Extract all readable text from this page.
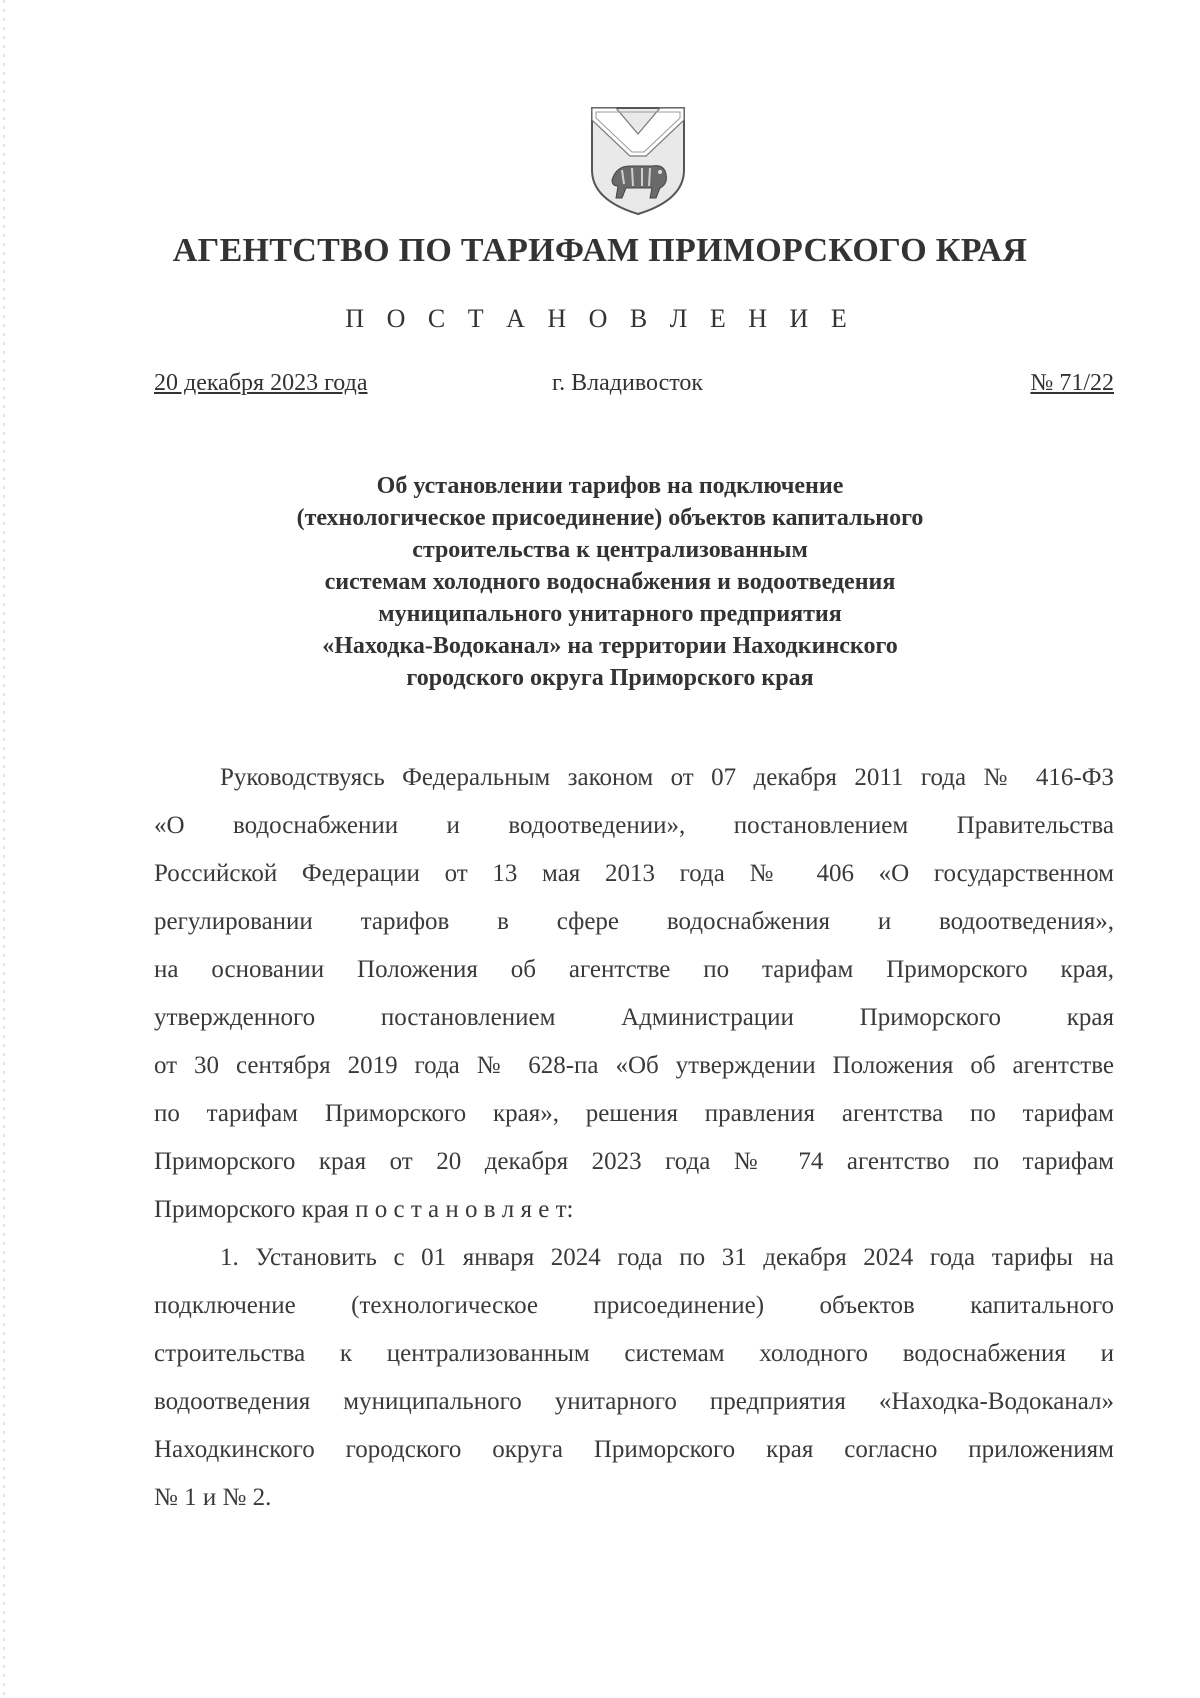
АГЕНТСТВО ПО ТАРИФАМ ПРИМОРСКОГО КРАЯ
П О С Т А Н О В Л Е Н И Е
20 декабря 2023 года	г. Владивосток	№ 71/22
Об установлении тарифов на подключение
(технологическое присоединение) объектов капитального
строительства к централизованным
системам холодного водоснабжения и водоотведения
муниципального унитарного предприятия
«Находка-Водоканал» на территории Находкинского
городского округа Приморского края
Руководствуясь Федеральным законом от 07 декабря 2011 года № 416-ФЗ
«О водоснабжении и водоотведении», постановлением Правительства
Российской Федерации от 13 мая 2013 года № 406 «О государственном
регулировании тарифов в сфере водоснабжения и водоотведения»,
на основании Положения об агентстве по тарифам Приморского края,
утвержденного постановлением Администрации Приморского края
от 30 сентября 2019 года № 628-па «Об утверждении Положения об агентстве
по тарифам Приморского края», решения правления агентства по тарифам
Приморского края от 20 декабря 2023 года № 74 агентство по тарифам
Приморского края п о с т а н о в л я е т:
1. Установить с 01 января 2024 года по 31 декабря 2024 года тарифы на
подключение (технологическое присоединение) объектов капитального
строительства к централизованным системам холодного водоснабжения и
водоотведения муниципального унитарного предприятия «Находка-Водоканал»
Находкинского городского округа Приморского края согласно приложениям
№ 1 и № 2.
